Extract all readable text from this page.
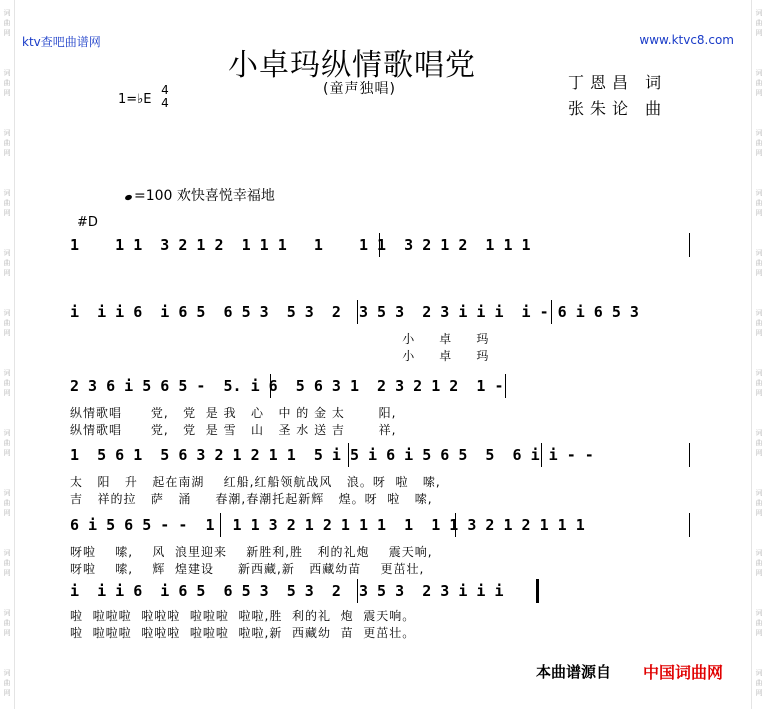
词曲网
词曲网
词曲网
词曲网
词曲网
词曲网
词曲网
词曲网
词曲网
词曲网
词曲网
词曲网
词曲网
词曲网
词曲网
词曲网
词曲网
词曲网
词曲网
词曲网
词曲网
词曲网
词曲网
词曲网
ktv查吧曲谱网	www.ktvc8.com
小卓玛纵情歌唱党
(童声独唱)	丁恩昌 词
张朱论 曲
1=♭E
4
4
=100 欢快喜悦幸福地
#D
1    1 1  3 2 1 2  1 1 1   1    1 1  3 2 1 2  1 1 1
i  i i 6  i 6 5  6 5 3  5 3  2  3 5 3  2 3 i i i  i - 6 i 6 5 3
小     卓     玛
小     卓     玛
2 3 6 i 5 6 5 -  5. i 6  5 6 3 1  2 3 2 1 2  1 -
纵情歌唱      党,   党  是 我   心   中 的 金 太       阳,
纵情歌唱      党,   党  是 雪   山   圣 水 送 吉       祥,
1  5 6 1  5 6 3 2 1 2 1 1  5 i 5 i 6 i 5 6 5  5  6 i i - -
太   阳   升   起在南湖    红船,红船领航战风   浪。呀  啦   嗦,
吉   祥的拉   萨   涌     春潮,春潮托起新辉   煌。呀  啦   嗦,
6 i 5 6 5 - -  1  1 1 3 2 1 2 1 1 1  1  1 1 3 2 1 2 1 1 1
呀啦    嗦,    风  浪里迎来    新胜利,胜   利的礼炮    震天响,
呀啦    嗦,    辉  煌建设     新西藏,新   西藏幼苗    更茁壮,
i  i i 6  i 6 5  6 5 3  5 3  2  3 5 3  2 3 i i i
啦  啦啦啦  啦啦啦  啦啦啦  啦啦,胜  利的礼  炮  震天响。
啦  啦啦啦  啦啦啦  啦啦啦  啦啦,新  西藏幼  苗  更茁壮。
本曲谱源自 中国词曲网
